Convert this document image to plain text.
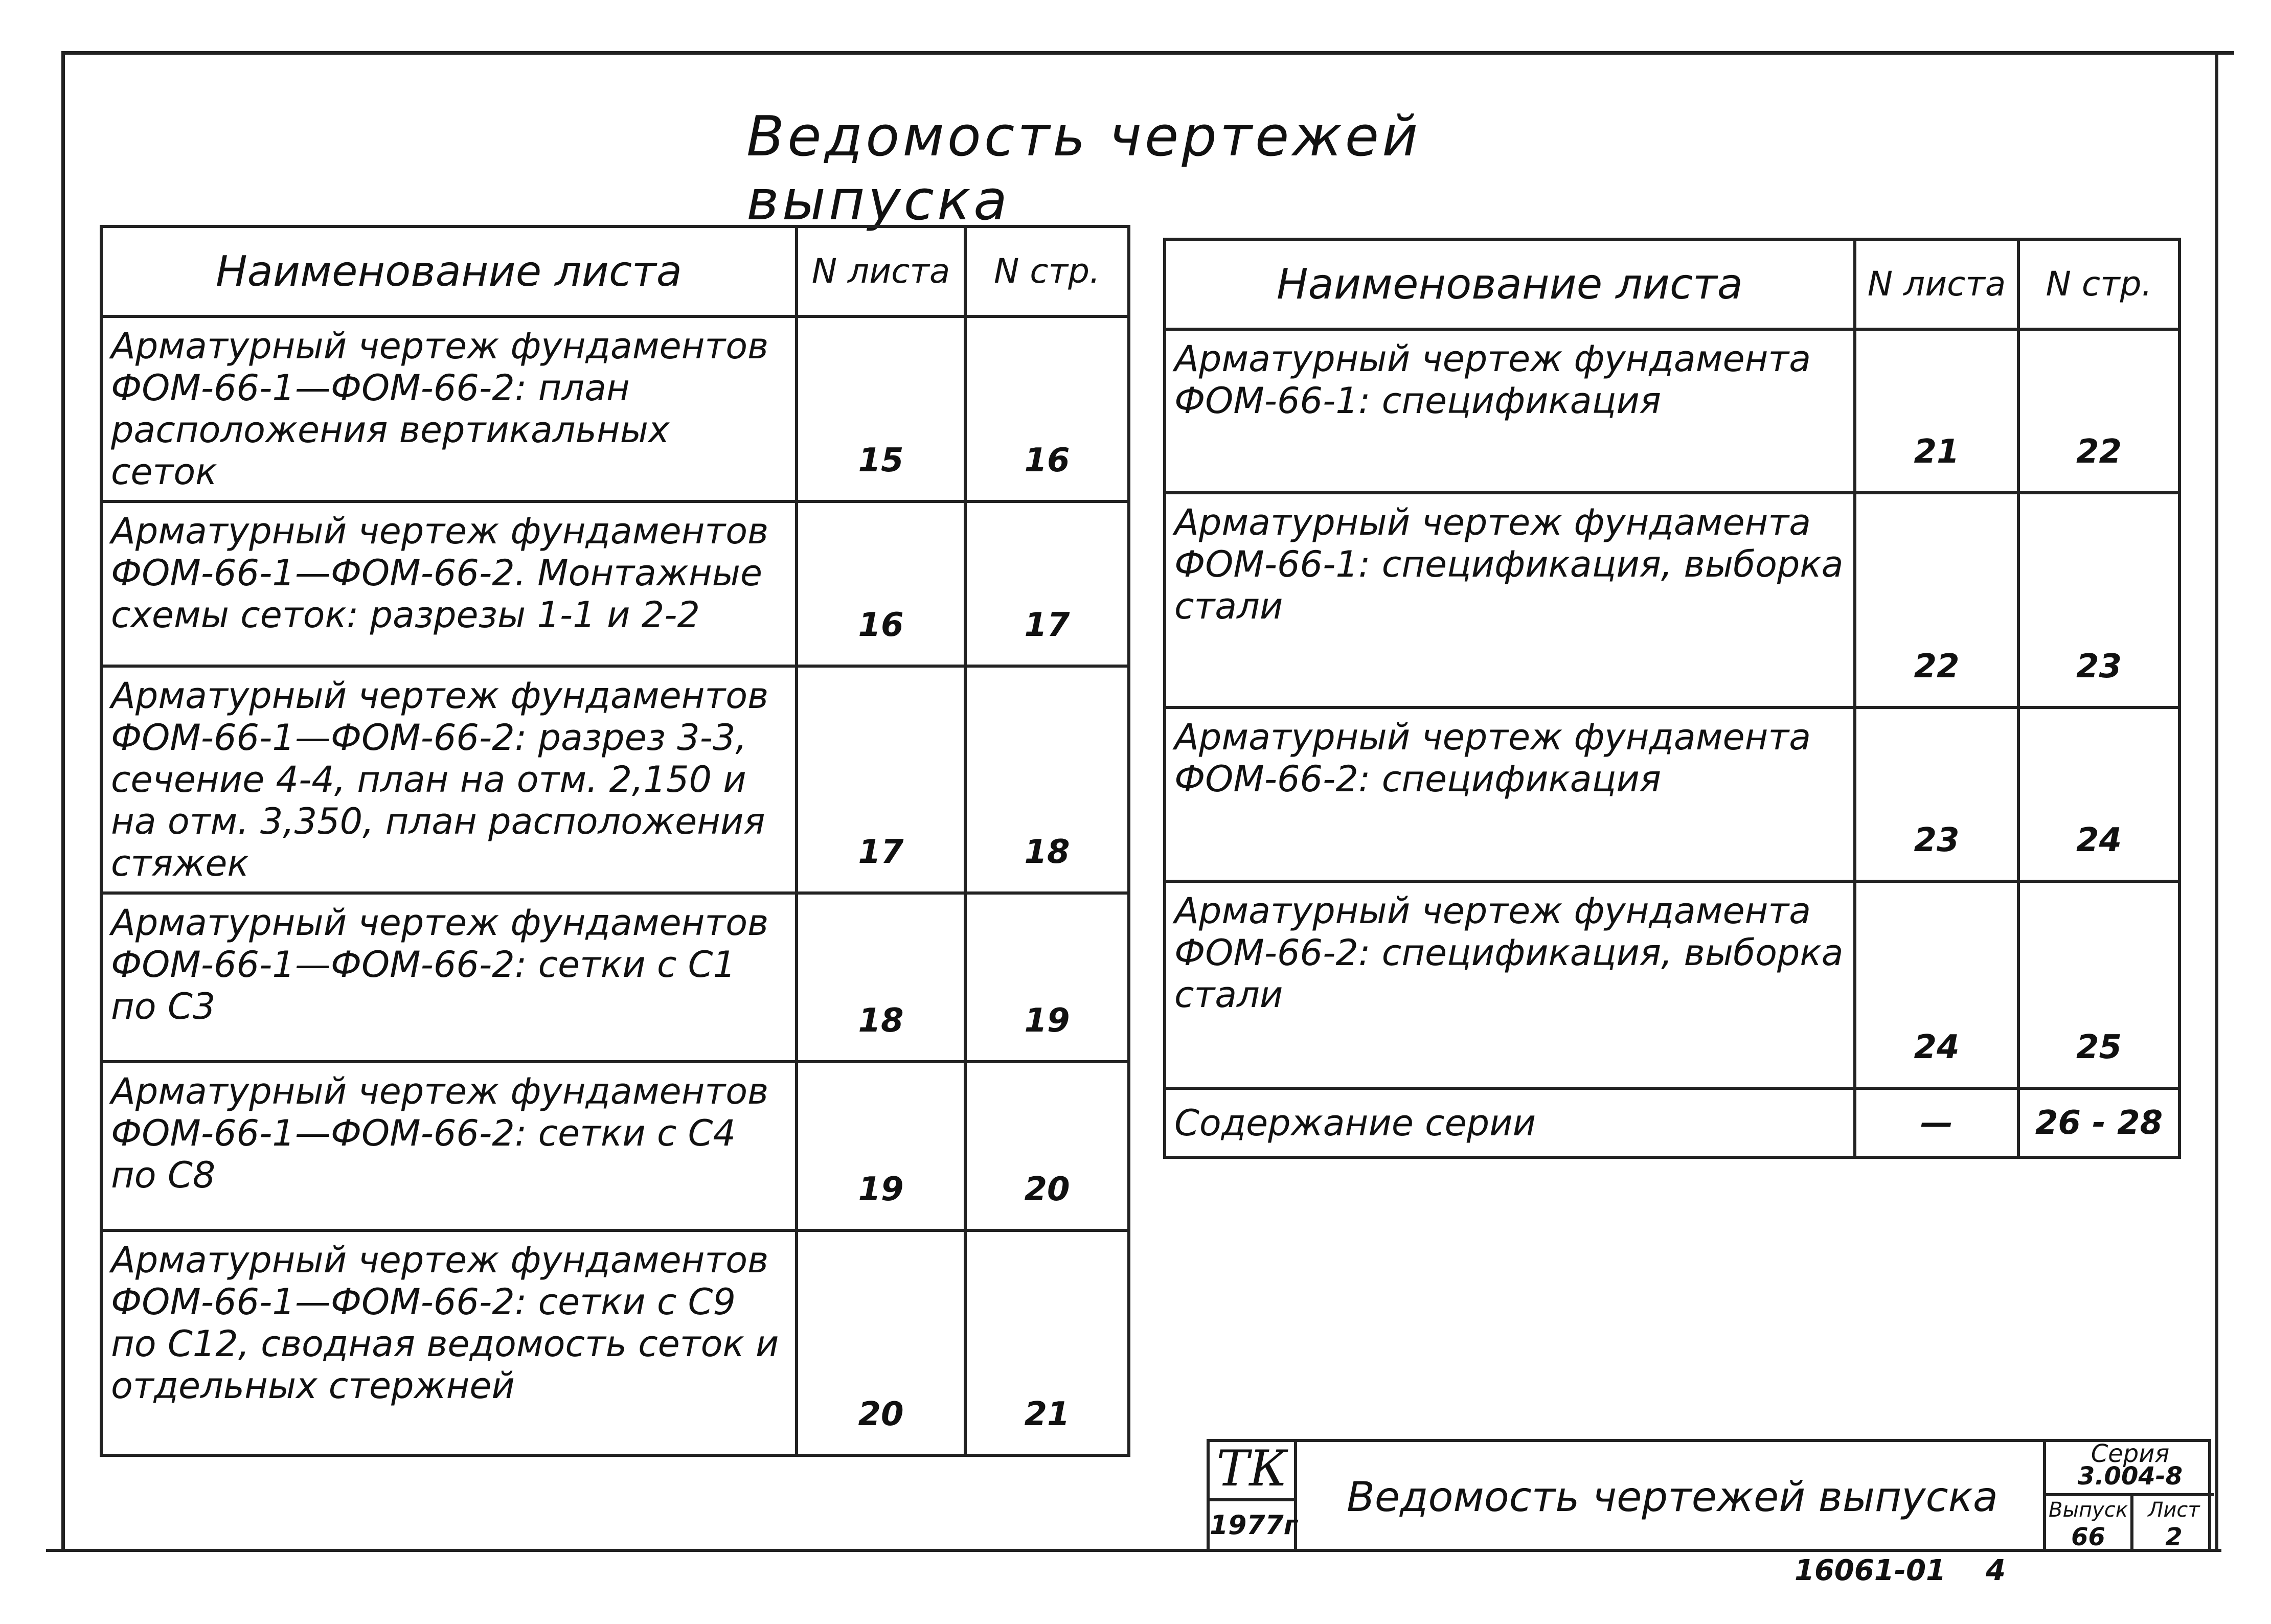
Ведомость чертежей выпуска
Наименование листа	N листа	N стр.
Арматурный чертеж фундаментов ФОМ-66-1—ФОМ-66-2: план расположения вертикальных сеток	15	16
Арматурный чертеж фундаментов ФОМ-66-1—ФОМ-66-2. Монтажные схемы сеток: разрезы 1-1 и 2-2	16	17
Арматурный чертеж фундаментов ФОМ-66-1—ФОМ-66-2: разрез 3-3, сечение 4-4, план на отм. 2,150 и на отм. 3,350, план расположения стяжек	17	18
Арматурный чертеж фундаментов ФОМ-66-1—ФОМ-66-2: сетки с С1 по С3	18	19
Арматурный чертеж фундаментов ФОМ-66-1—ФОМ-66-2: сетки с С4 по С8	19	20
Арматурный чертеж фундаментов ФОМ-66-1—ФОМ-66-2: сетки с С9 по С12, сводная ведомость сеток и отдельных стержней	20	21
Наименование листа	N листа	N стр.
Арматурный чертеж фундамента ФОМ-66-1: спецификация	21	22
Арматурный чертеж фундамента ФОМ-66-1: спецификация, выборка стали	22	23
Арматурный чертеж фундамента ФОМ-66-2: спецификация	23	24
Арматурный чертеж фундамента ФОМ-66-2: спецификация, выборка стали	24	25
Содержание серии	—	26 - 28
ТК
1977г
Ведомость чертежей выпуска
Серия
3.004-8
Выпуск
66
Лист
2
16061-01    4
